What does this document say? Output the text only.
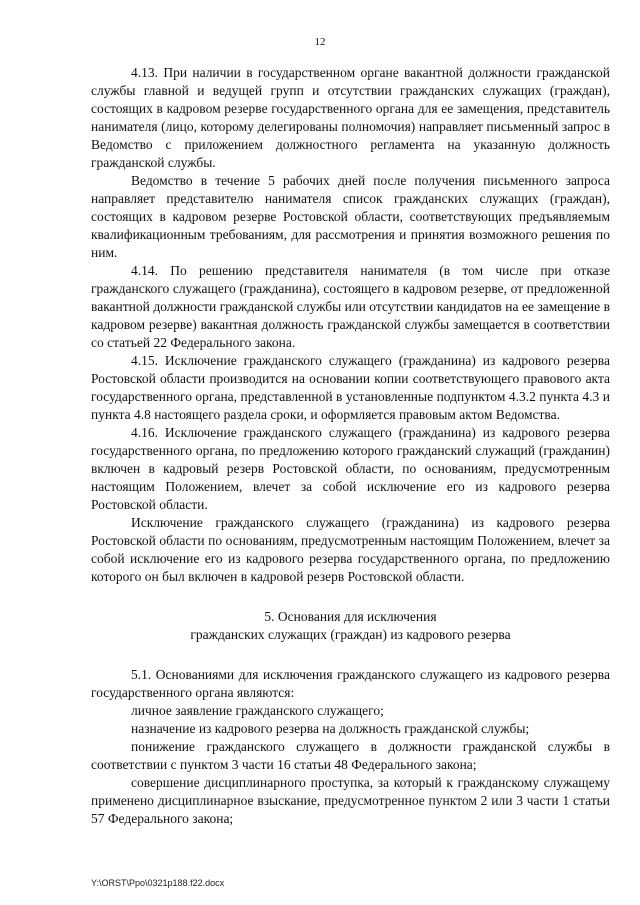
12

4.13. При наличии в государственном органе вакантной должности гражданской службы главной и ведущей групп и отсутствии гражданских служащих (граждан), состоящих в кадровом резерве государственного органа для ее замещения, представитель нанимателя (лицо, которому делегированы полномочия) направляет письменный запрос в Ведомство с приложением должностного регламента на указанную должность гражданской службы.

Ведомство в течение 5 рабочих дней после получения письменного запроса направляет представителю нанимателя список гражданских служащих (граждан), состоящих в кадровом резерве Ростовской области, соответствующих предъявляемым квалификационным требованиям, для рассмотрения и принятия возможного решения по ним.

4.14. По решению представителя нанимателя (в том числе при отказе гражданского служащего (гражданина), состоящего в кадровом резерве, от предложенной вакантной должности гражданской службы или отсутствии кандидатов на ее замещение в кадровом резерве) вакантная должность гражданской службы замещается в соответствии со статьей 22 Федерального закона.

4.15. Исключение гражданского служащего (гражданина) из кадрового резерва Ростовской области производится на основании копии соответствующего правового акта государственного органа, представленной в установленные подпунктом 4.3.2 пункта 4.3 и пункта 4.8 настоящего раздела сроки, и оформляется правовым актом Ведомства.

4.16. Исключение гражданского служащего (гражданина) из кадрового резерва государственного органа, по предложению которого гражданский служащий (гражданин) включен в кадровый резерв Ростовской области, по основаниям, предусмотренным настоящим Положением, влечет за собой исключение его из кадрового резерва Ростовской области.

Исключение гражданского служащего (гражданина) из кадрового резерва Ростовской области по основаниям, предусмотренным настоящим Положением, влечет за собой исключение его из кадрового резерва государственного органа, по предложению которого он был включен в кадровой резерв Ростовской области.

5. Основания для исключения
гражданских служащих (граждан) из кадрового резерва

5.1. Основаниями для исключения гражданского служащего из кадрового резерва государственного органа являются:

личное заявление гражданского служащего;

назначение из кадрового резерва на должность гражданской службы;

понижение гражданского служащего в должности гражданской службы в соответствии с пунктом 3 части 16 статьи 48 Федерального закона;

совершение дисциплинарного проступка, за который к гражданскому служащему применено дисциплинарное взыскание, предусмотренное пунктом 2 или 3 части 1 статьи 57 Федерального закона;

Y:\ORST\Ppo\0321p188.f22.docx
